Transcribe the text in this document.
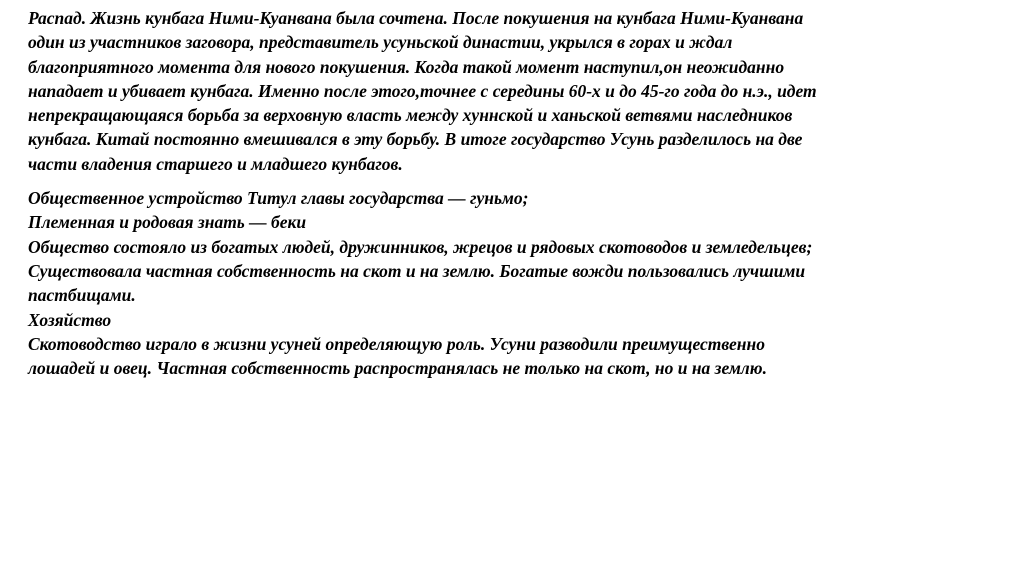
Распад. Жизнь кунбага Ними-Куанвана была сочтена. После покушения на кунбага Ними-Куанвана
один из участников заговора, представитель усуньской династии, укрылся в горах и ждал
благоприятного момента для нового покушения. Когда такой момент наступил,он неожиданно
нападает и убивает кунбага. Именно после этого,точнее с середины 60-х и до 45-го года до н.э., идет
непрекращающаяся борьба за верховную власть между хуннской и ханьской ветвями наследников
кунбага. Китай постоянно вмешивался в эту борьбу. В итоге государство Усунь разделилось на две
части владения старшего и младшего кунбагов.

Общественное устройство Титул главы государства — гуньмо;
Племенная и родовая знать — беки
Общество состояло из богатых людей, дружинников, жрецов и рядовых скотоводов и земледельцев;
Существовала частная собственность на скот и на землю. Богатые вожди пользовались лучшими
пастбищами.
Хозяйство
Скотоводство играло в жизни усуней определяющую роль. Усуни разводили преимущественно
лошадей и овец. Частная собственность распространялась не только на скот, но и на землю.
